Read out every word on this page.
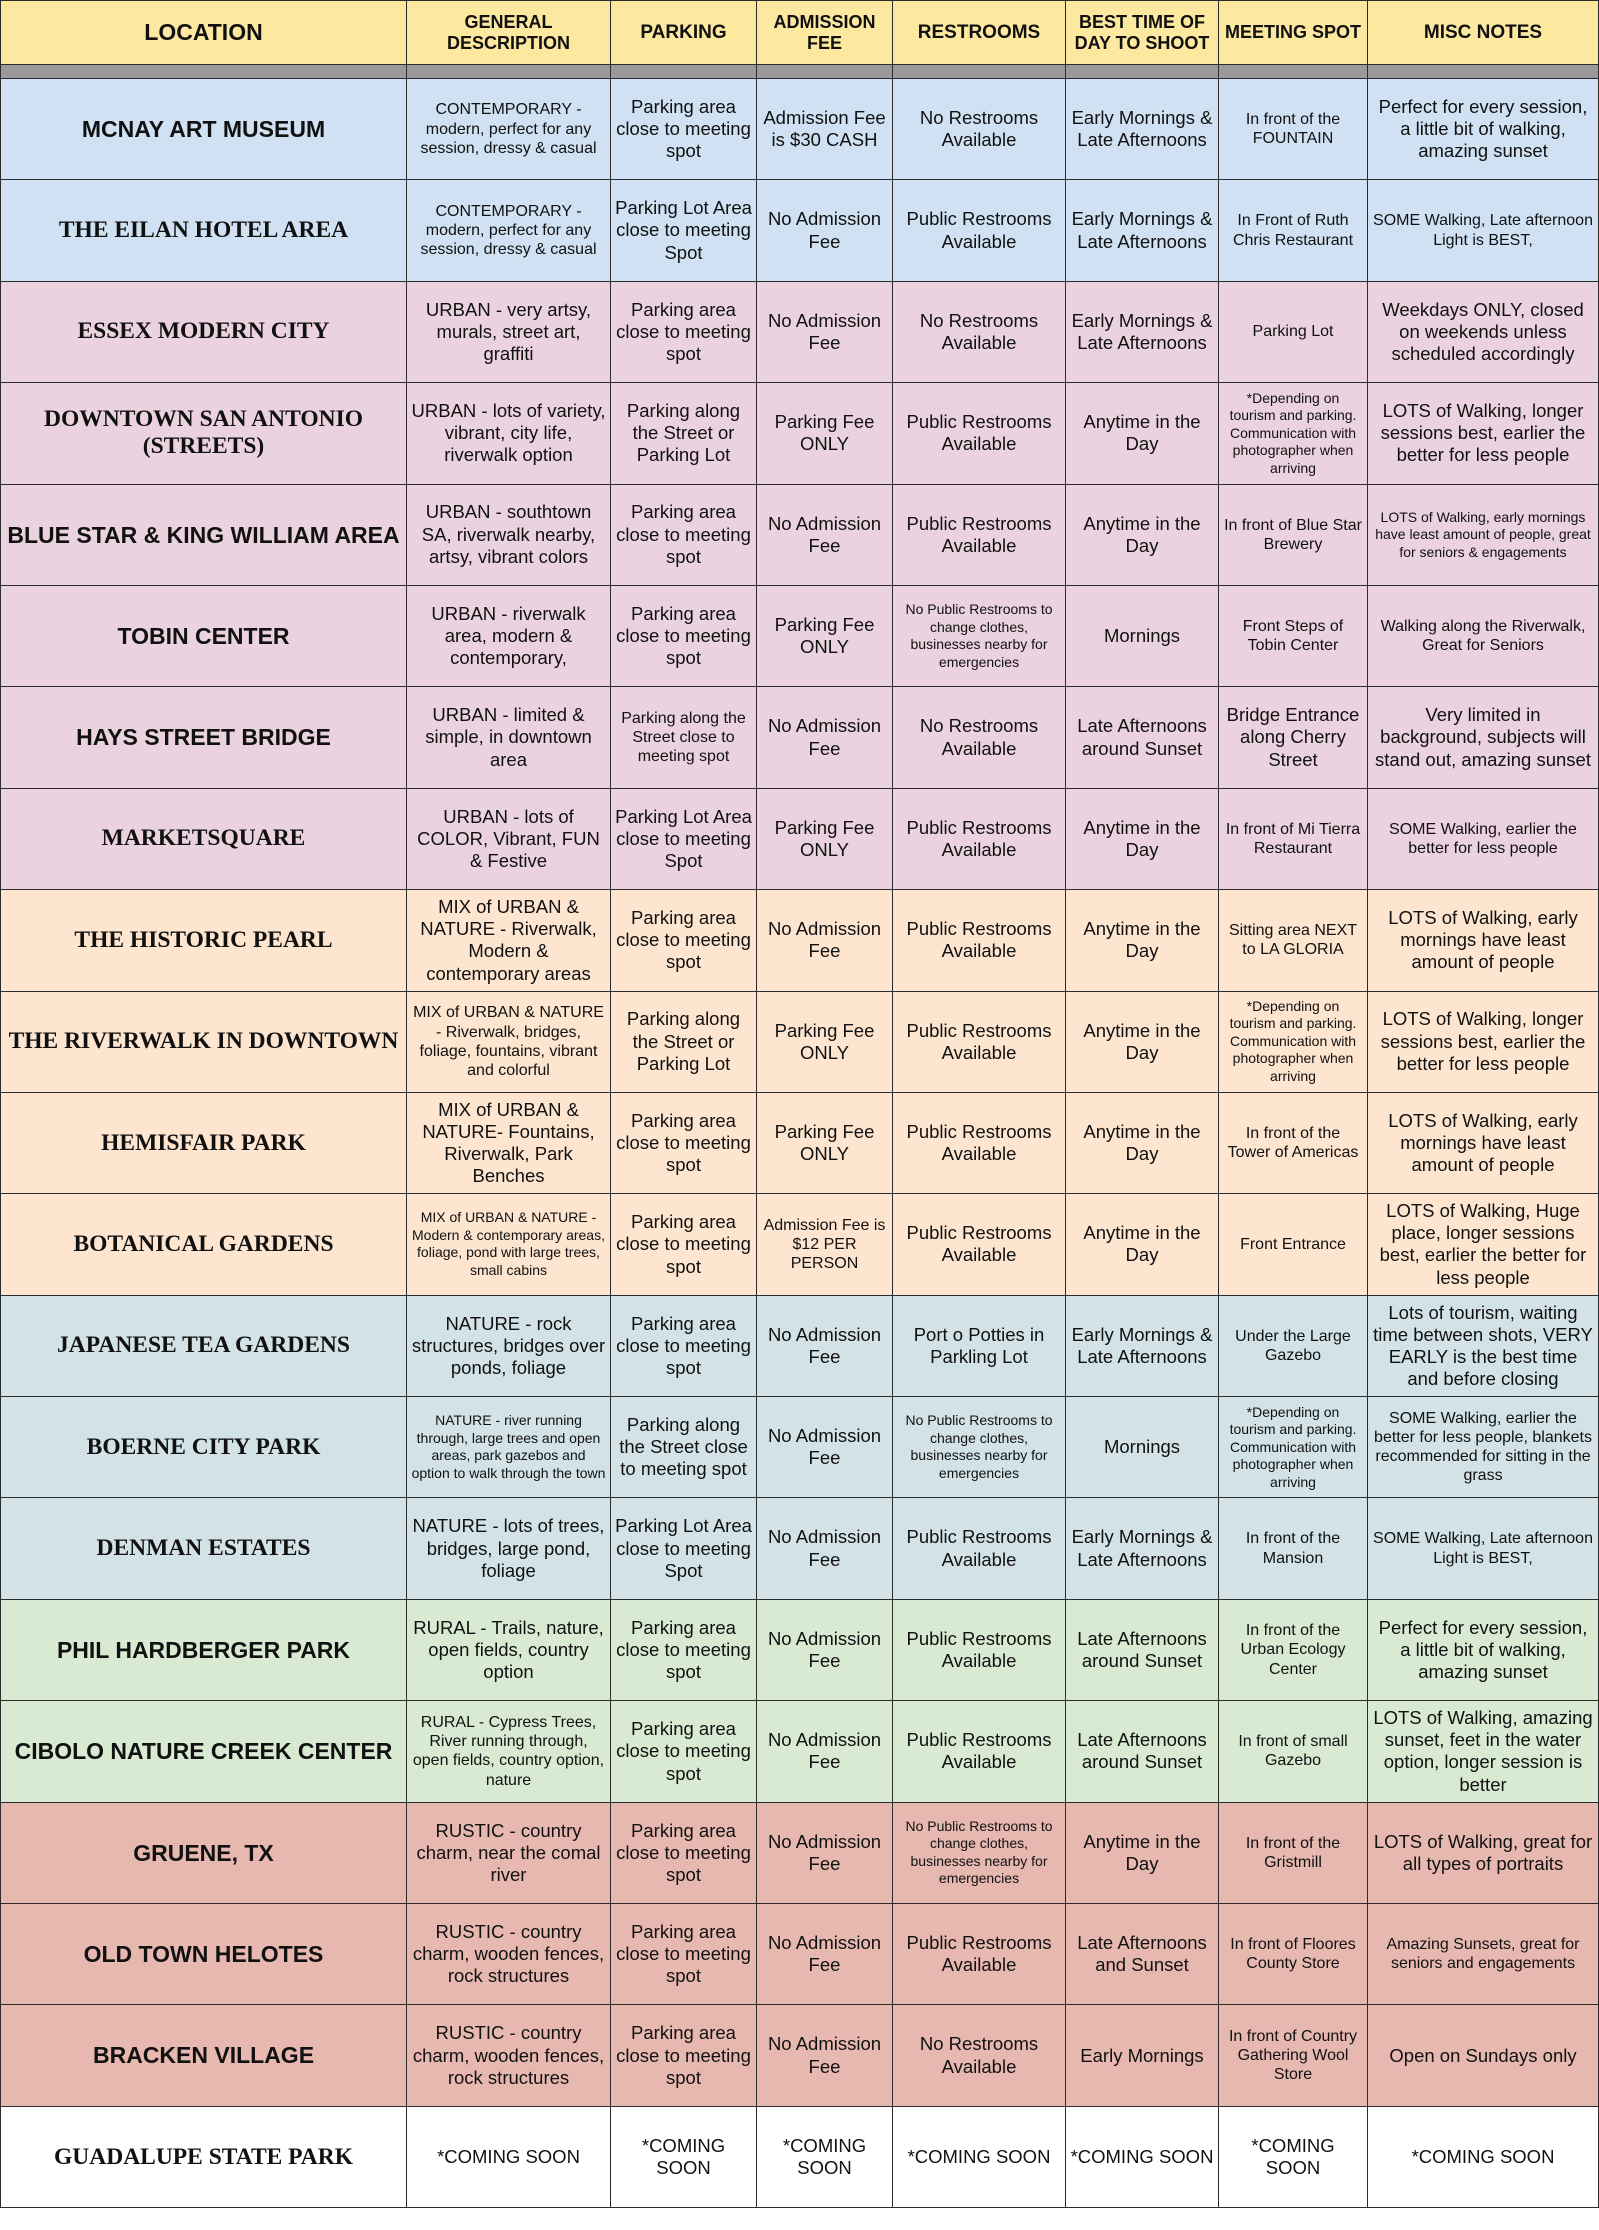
LOCATION	GENERAL DESCRIPTION	PARKING	ADMISSION FEE	RESTROOMS	BEST TIME OF DAY TO SHOOT	MEETING SPOT	MISC NOTES

MCNAY ART MUSEUM	CONTEMPORARY - modern, perfect for any session, dressy & casual	Parking area close to meeting spot	Admission Fee is $30 CASH	No Restrooms Available	Early Mornings & Late Afternoons	In front of the FOUNTAIN	Perfect for every session, a little bit of walking, amazing sunset
THE EILAN HOTEL AREA	CONTEMPORARY - modern, perfect for any session, dressy & casual	Parking Lot Area close to meeting Spot	No Admission Fee	Public Restrooms Available	Early Mornings & Late Afternoons	In Front of Ruth Chris Restaurant	SOME Walking, Late afternoon Light is BEST,
ESSEX MODERN CITY	URBAN - very artsy, murals, street art, graffiti	Parking area close to meeting spot	No Admission Fee	No Restrooms Available	Early Mornings & Late Afternoons	Parking Lot	Weekdays ONLY, closed on weekends unless scheduled accordingly
DOWNTOWN SAN ANTONIO (STREETS)	URBAN - lots of variety, vibrant, city life, riverwalk option	Parking along the Street or Parking Lot	Parking Fee ONLY	Public Restrooms Available	Anytime in the Day	*Depending on tourism and parking. Communication with photographer when arriving	LOTS of Walking, longer sessions best, earlier the better for less people
BLUE STAR & KING WILLIAM AREA	URBAN - southtown SA, riverwalk nearby, artsy, vibrant colors	Parking area close to meeting spot	No Admission Fee	Public Restrooms Available	Anytime in the Day	In front of Blue Star Brewery	LOTS of Walking, early mornings have least amount of people, great for seniors & engagements
TOBIN CENTER	URBAN - riverwalk area, modern & contemporary,	Parking area close to meeting spot	Parking Fee ONLY	No Public Restrooms to change clothes, businesses nearby for emergencies	Mornings	Front Steps of Tobin Center	Walking along the Riverwalk, Great for Seniors
HAYS STREET BRIDGE	URBAN - limited & simple, in downtown area	Parking along the Street close to meeting spot	No Admission Fee	No Restrooms Available	Late Afternoons around Sunset	Bridge Entrance along Cherry Street	Very limited in background, subjects will stand out, amazing sunset
MARKETSQUARE	URBAN - lots of COLOR, Vibrant, FUN & Festive	Parking Lot Area close to meeting Spot	Parking Fee ONLY	Public Restrooms Available	Anytime in the Day	In front of Mi Tierra Restaurant	SOME Walking, earlier the better for less people
THE HISTORIC PEARL	MIX of URBAN & NATURE - Riverwalk, Modern & contemporary areas	Parking area close to meeting spot	No Admission Fee	Public Restrooms Available	Anytime in the Day	Sitting area NEXT to LA GLORIA	LOTS of Walking, early mornings have least amount of people
THE RIVERWALK IN DOWNTOWN	MIX of URBAN & NATURE - Riverwalk, bridges, foliage, fountains, vibrant and colorful	Parking along the Street or Parking Lot	Parking Fee ONLY	Public Restrooms Available	Anytime in the Day	*Depending on tourism and parking. Communication with photographer when arriving	LOTS of Walking, longer sessions best, earlier the better for less people
HEMISFAIR PARK	MIX of URBAN & NATURE- Fountains, Riverwalk, Park Benches	Parking area close to meeting spot	Parking Fee ONLY	Public Restrooms Available	Anytime in the Day	In front of the Tower of Americas	LOTS of Walking, early mornings have least amount of people
BOTANICAL GARDENS	MIX of URBAN & NATURE - Modern & contemporary areas, foliage, pond with large trees, small cabins	Parking area close to meeting spot	Admission Fee is $12 PER PERSON	Public Restrooms Available	Anytime in the Day	Front Entrance	LOTS of Walking, Huge place, longer sessions best, earlier the better for less people
JAPANESE TEA GARDENS	NATURE - rock structures, bridges over ponds, foliage	Parking area close to meeting spot	No Admission Fee	Port o Potties in Parkling Lot	Early Mornings & Late Afternoons	Under the Large Gazebo	Lots of tourism, waiting time between shots, VERY EARLY is the best time and before closing
BOERNE CITY PARK	NATURE - river running through, large trees and open areas, park gazebos and option to walk through the town	Parking along the Street close to meeting spot	No Admission Fee	No Public Restrooms to change clothes, businesses nearby for emergencies	Mornings	*Depending on tourism and parking. Communication with photographer when arriving	SOME Walking, earlier the better for less people, blankets recommended for sitting in the grass
DENMAN ESTATES	NATURE - lots of trees, bridges, large pond, foliage	Parking Lot Area close to meeting Spot	No Admission Fee	Public Restrooms Available	Early Mornings & Late Afternoons	In front of the Mansion	SOME Walking, Late afternoon Light is BEST,
PHIL HARDBERGER PARK	RURAL - Trails, nature, open fields, country option	Parking area close to meeting spot	No Admission Fee	Public Restrooms Available	Late Afternoons around Sunset	In front of the Urban Ecology Center	Perfect for every session, a little bit of walking, amazing sunset
CIBOLO NATURE CREEK CENTER	RURAL - Cypress Trees, River running through, open fields, country option, nature	Parking area close to meeting spot	No Admission Fee	Public Restrooms Available	Late Afternoons around Sunset	In front of small Gazebo	LOTS of Walking, amazing sunset, feet in the water option, longer session is better
GRUENE, TX	RUSTIC - country charm, near the comal river	Parking area close to meeting spot	No Admission Fee	No Public Restrooms to change clothes, businesses nearby for emergencies	Anytime in the Day	In front of the Gristmill	LOTS of Walking, great for all types of portraits
OLD TOWN HELOTES	RUSTIC - country charm, wooden fences, rock structures	Parking area close to meeting spot	No Admission Fee	Public Restrooms Available	Late Afternoons and Sunset	In front of Floores County Store	Amazing Sunsets, great for seniors and engagements
BRACKEN VILLAGE	RUSTIC - country charm, wooden fences, rock structures	Parking area close to meeting spot	No Admission Fee	No Restrooms Available	Early Mornings	In front of Country Gathering Wool Store	Open on Sundays only
GUADALUPE STATE PARK	*COMING SOON	*COMING SOON	*COMING SOON	*COMING SOON	*COMING SOON	*COMING SOON	*COMING SOON
